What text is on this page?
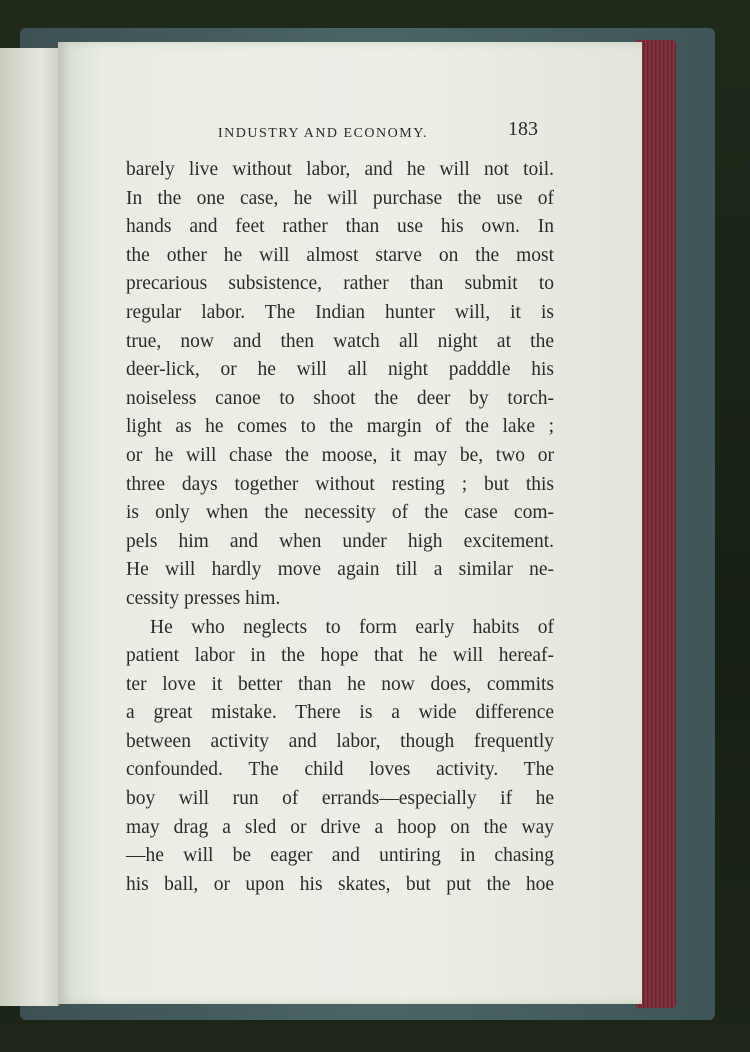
INDUSTRY AND ECONOMY.	183
barely live without labor, and he will not toil.
In the one case, he will purchase the use of
hands and feet rather than use his own. In
the other he will almost starve on the most
precarious subsistence, rather than submit to
regular labor. The Indian hunter will, it is
true, now and then watch all night at the
deer-lick, or he will all night padddle his
noiseless canoe to shoot the deer by torch-
light as he comes to the margin of the lake ;
or he will chase the moose, it may be, two or
three days together without resting ; but this
is only when the necessity of the case com-
pels him and when under high excitement.
He will hardly move again till a similar ne-
cessity presses him.
He who neglects to form early habits of
patient labor in the hope that he will hereaf-
ter love it better than he now does, commits
a great mistake. There is a wide difference
between activity and labor, though frequently
confounded. The child loves activity. The
boy will run of errands—especially if he
may drag a sled or drive a hoop on the way
—he will be eager and untiring in chasing
his ball, or upon his skates, but put the hoe
